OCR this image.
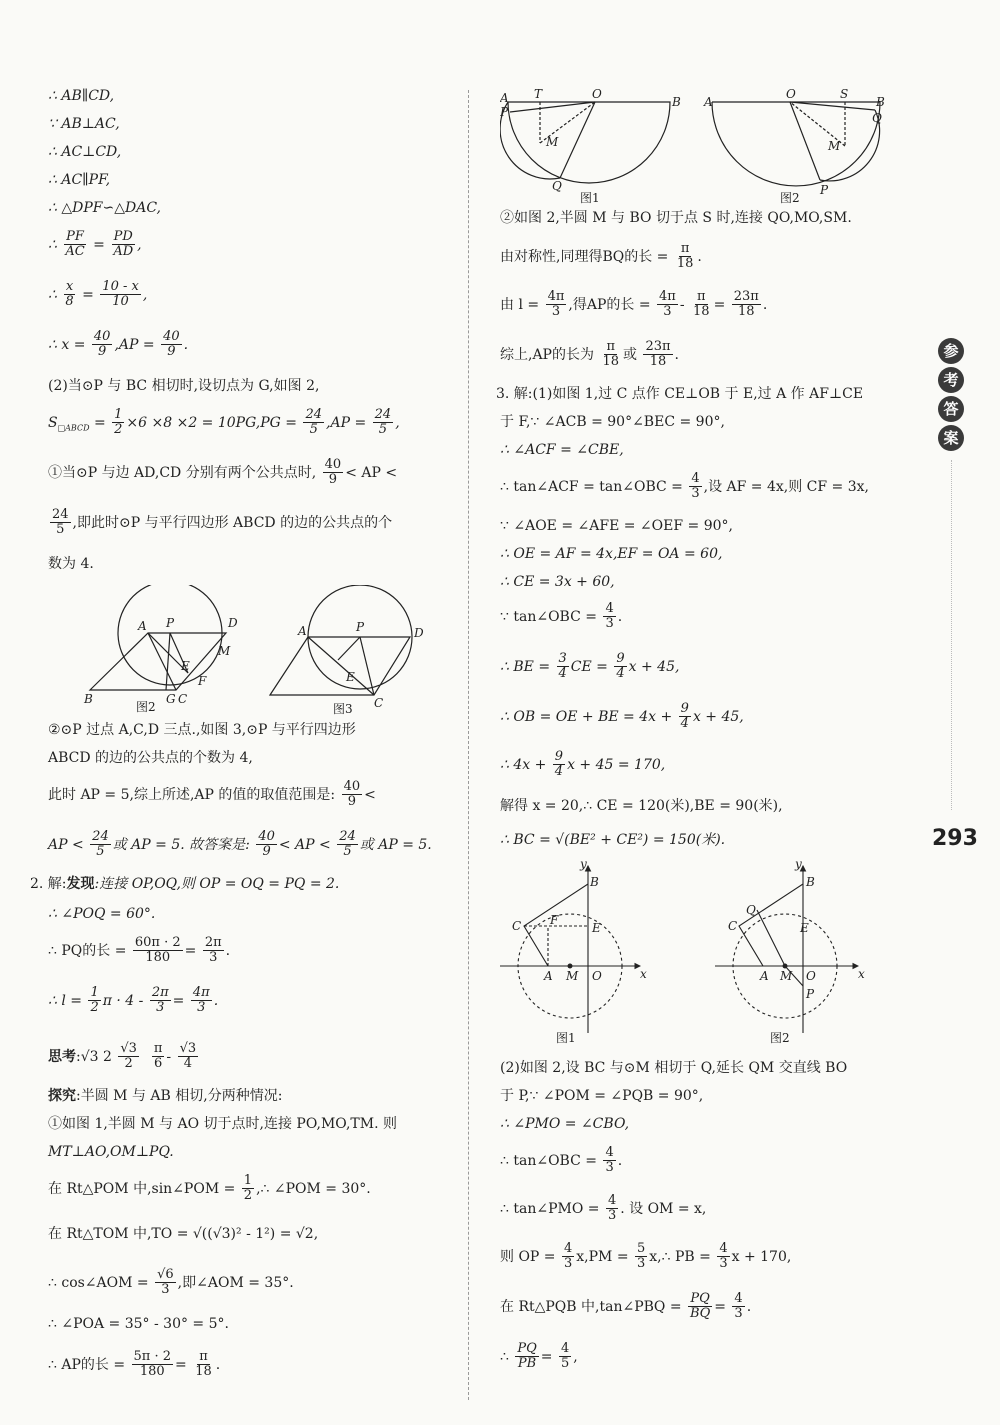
∴ AB∥CD,
∵ AB⊥AC,
∴ AC⊥CD,
∴ AC∥PF,
∴ △DPF∽△DAC,
∴ $\frac{PF}{AC} = \frac{PD}{AD}$ ,
∴ $\frac{x}{8} = \frac{10 - x}{10}$ ,
∴ $x = \frac{40}{9} ,AP = \frac{40}{9}$ .
(2)当⊙P 与 BC 相切时,设切点为 G,如图 2,
$S_{□ABCD} = \frac{1}{2} \times 6 \times 8 \times 2 = 10PG,PG = \frac{24}{5} ,AP = \frac{24}{5}$ ,
①当⊙P 与边 AD,CD 分别有两个公共点时, $\frac{40}{9}$ < AP <
$\frac{24}{5}$ ,即此时⊙P 与平行四边形 ABCD 的边的公共点的个
数为 4.
A P	D
M
E
F
G C
B
图2
A	P	D
E
C
图3
②⊙P 过点 A,C,D 三点.,如图 3,⊙P 与平行四边形
ABCD 的边的公共点的个数为 4,
此时 AP = 5,综上所述,AP 的值的取值范围是: $\frac{40}{9}$ <
AP < $\frac{24}{5}$ 或 AP = 5. 故答案是: $\frac{40}{9}$ < AP < $\frac{24}{5}$ 或 AP = 5.
2. 解:发现:连接 OP,OQ,则 OP = OQ = PQ = 2.
∴ ∠POQ = 60°.
∴ PQ的长 = $\frac{60\pi \cdot 2}{180} = \frac{2\pi}{3}$ .
∴ $l = \frac{1}{2}$ $\pi \cdot 4 - \frac{2\pi}{3} = \frac{4\pi}{3}$ .
思考:√3 $2 \frac{√3}{2}$
$\frac{\pi}{6} - \frac{√3}{4}$
探究:半圆 M 与 AB 相切,分两种情况:
①如图 1,半圆 M 与 AO 切于点时,连接 PO,MO,TM. 则
MT⊥AO,OM⊥PQ.
在 Rt△POM 中,sin∠POM = $\frac{1}{2}$ ,∴ ∠POM = 30°.
在 Rt△TOM 中,TO = √((√3)² - 1²) = √2,
∴ cos∠AOM = $\frac{√6}{3}$ ,即∠AOM = 35°.
∴ ∠POA = 35° - 30° = 5°.
∴ AP的长 = $\frac{5\pi \cdot 2}{180} = \frac{\pi}{18}$ .
A T	O
B
P
M
Q
图1
A
O	S
B
Q
M
P
图2
②如图 2,半圆 M 与 BO 切于点 S 时,连接 QO,MO,SM.
由对称性,同理得BQ的长 = $\frac{\pi}{18}$ .
由 $l = \frac{4\pi}{3}$ ,得AP的长 = $\frac{4\pi}{3} - \frac{\pi}{18} = \frac{23\pi}{18}$ .
综上,AP的长为 $\frac{\pi}{18}$ 或 $\frac{23\pi}{18}$ .
3. 解:(1)如图 1,过 C 点作 CE⊥OB 于 E,过 A 作 AF⊥CE
于 F,∵ ∠ACB = 90°∠BEC = 90°,
∴ ∠ACF = ∠CBE,
∴ tan∠ACF = tan∠OBC = $\frac{4}{3}$ ,设 AF = 4x,则 CF = 3x,
∵ ∠AOE = ∠AFE = ∠OEF = 90°,
∴ OE = AF = 4x,EF = OA = 60,
∴ CE = 3x + 60,
∵ tan∠OBC = $\frac{4}{3}$ .
∴ BE = $\frac{3}{4}$ CE = $\frac{9}{4}$ x + 45,
∴ OB = OE + BE = $4x + \frac{9}{4}$ x + 45,
∴ $4x + \frac{9}{4}$ x + 45 = 170,
解得 x = 20,∴ CE = 120(米),BE = 90(米),
∴ BC = √(BE² + CE²) = 150(米).
y
B
C F
E
A M O	x
图1
y
B
Q
C	E
A M O
P
x
图2
(2)如图 2,设 BC 与⊙M 相切于 Q,延长 QM 交直线 BO
于 P,∵ ∠POM = ∠PQB = 90°,
∴ ∠PMO = ∠CBO,
∴ tan∠OBC = $\frac{4}{3}$ .
∴ tan∠PMO = $\frac{4}{3}$ . 设 OM = x,
则 OP = $\frac{4}{3} x,PM = \frac{5}{3}$ x,∴ PB = $\frac{4}{3}$ x + 170,
在 Rt△PQB 中,tan∠PBQ = $\frac{PQ}{BQ} = \frac{4}{3}$ .
∴ $\frac{PQ}{PB} = \frac{4}{5}$ ,
参
考
答
案
293
